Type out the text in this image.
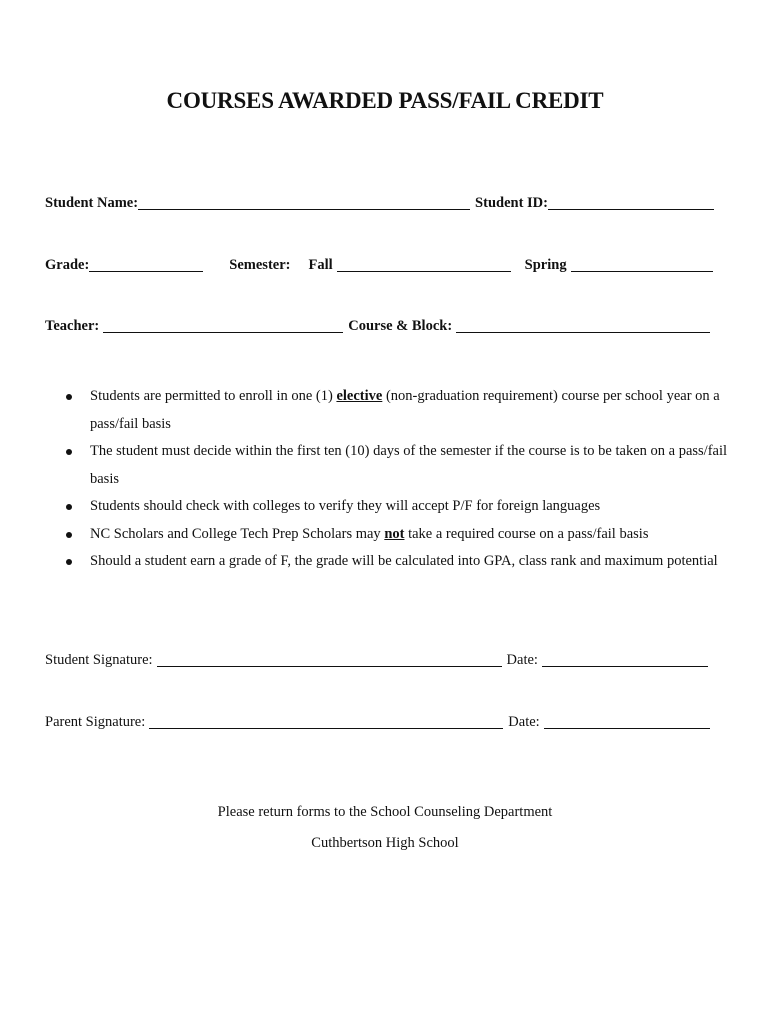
COURSES AWARDED PASS/FAIL CREDIT
Student Name:	Student ID:
Grade:	Semester: Fall	Spring
Teacher:	Course & Block:
Students are permitted to enroll in one (1) elective (non-graduation requirement) course per school year on a pass/fail basis
The student must decide within the first ten (10) days of the semester if the course is to be taken on a pass/fail basis
Students should check with colleges to verify they will accept P/F for foreign languages
NC Scholars and College Tech Prep Scholars may not take a required course on a pass/fail basis
Should a student earn a grade of F, the grade will be calculated into GPA, class rank and maximum potential
Student Signature:	Date:
Parent Signature:	Date:
Please return forms to the School Counseling Department
Cuthbertson High School
